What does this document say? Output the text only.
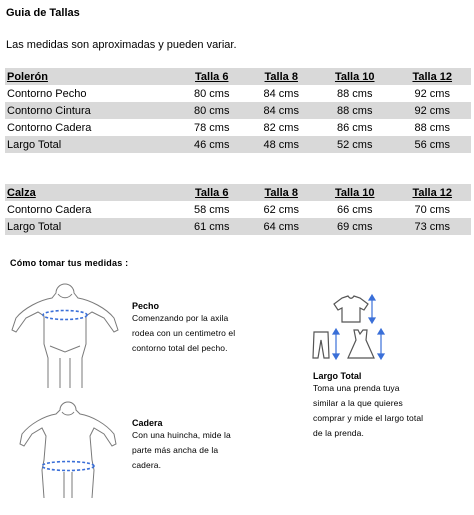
Guia de Tallas
Las medidas son aproximadas y pueden variar.
Polerón	Talla 6	Talla 8	Talla 10	Talla 12
Contorno Pecho	80 cms	84 cms	88 cms	92 cms
Contorno Cintura	80 cms	84 cms	88 cms	92 cms
Contorno Cadera	78 cms	82 cms	86 cms	88 cms
Largo Total	46 cms	48 cms	52 cms	56 cms
Calza	Talla 6	Talla 8	Talla 10	Talla 12
Contorno Cadera	58 cms	62 cms	66 cms	70 cms
Largo Total	61 cms	64 cms	69 cms	73 cms
Cómo tomar tus medidas :
Pecho
Comenzando por la axila
rodea con un centimetro el
contorno total del pecho.
Cadera
Con una huincha, mide la
parte más ancha de la
cadera.
Largo Total
Toma una prenda tuya
similar a la que quieres
comprar y mide el largo total
de la prenda.
